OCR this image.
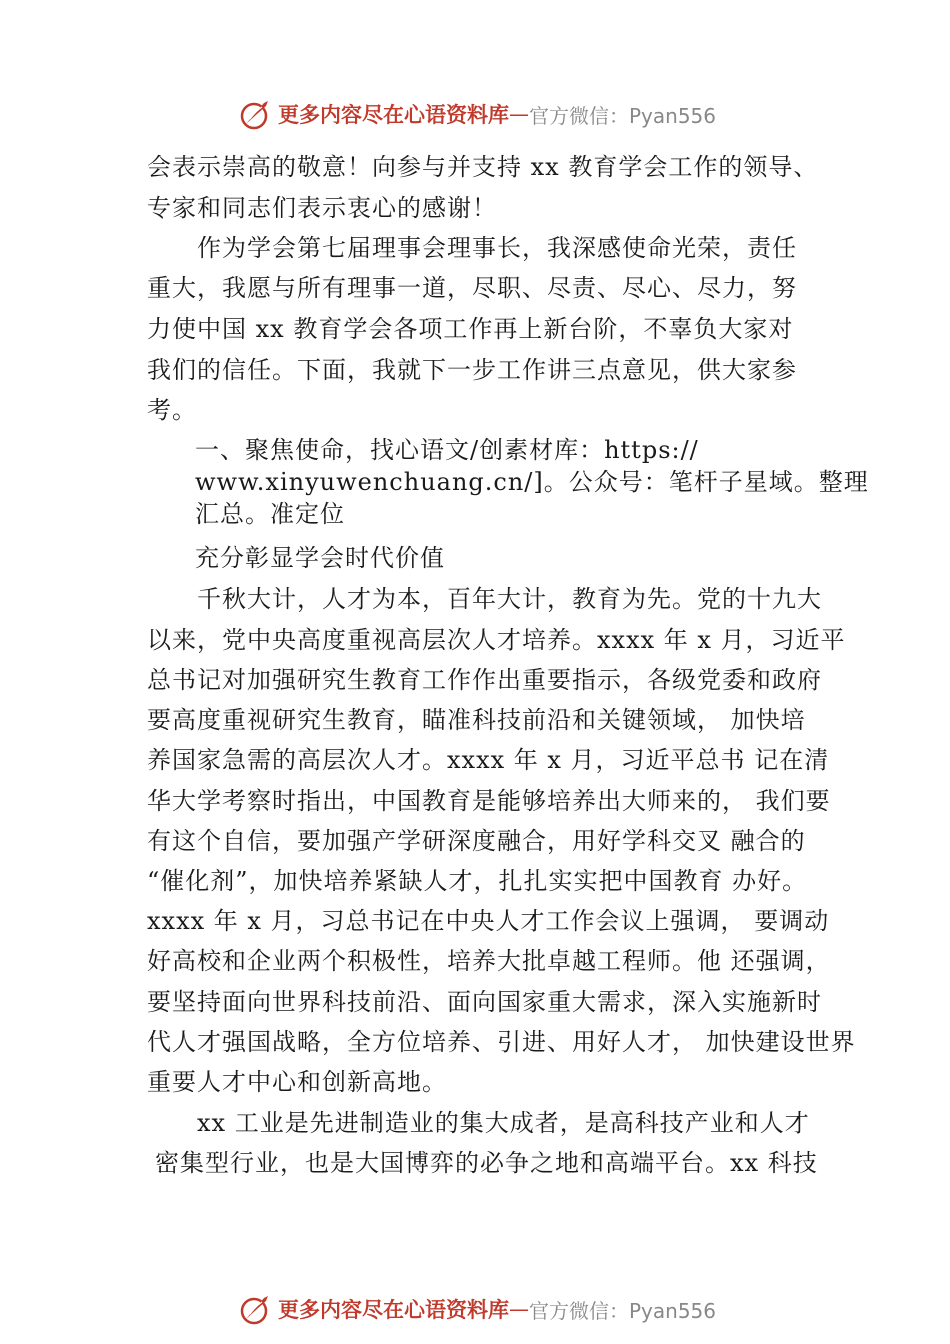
更多内容尽在心语资料库 — 官方微信：Pyan556
会表示崇高的敬意！向参与并支持 xx 教育学会工作的领导、
专家和同志们表示衷心的感谢！
　　作为学会第七届理事会理事长，我深感使命光荣，责任
重大，我愿与所有理事一道，尽职、尽责、尽心、尽力，努
力使中国 xx 教育学会各项工作再上新台阶，不辜负大家对
我们的信任。下面，我就下一步工作讲三点意见，供大家参
考。
一、聚焦使命，找心语文/创素材库：https://
www.xinyuwenchuang.cn/]。公众号：笔杆子星域。整理
汇总。准定位
充分彰显学会时代价值
　　千秋大计，人才为本，百年大计，教育为先。党的十九大
以来，党中央高度重视高层次人才培养。xxxx 年 x 月，习近平
总书记对加强研究生教育工作作出重要指示，各级党委和政府
要高度重视研究生教育，瞄准科技前沿和关键领域， 加快培
养国家急需的高层次人才。xxxx 年 x 月，习近平总书 记在清
华大学考察时指出，中国教育是能够培养出大师来的， 我们要
有这个自信，要加强产学研深度融合，用好学科交叉 融合的
“催化剂”，加快培养紧缺人才，扎扎实实把中国教育 办好。
xxxx 年 x 月，习总书记在中央人才工作会议上强调， 要调动
好高校和企业两个积极性，培养大批卓越工程师。他 还强调，
要坚持面向世界科技前沿、面向国家重大需求，深入实施新时
代人才强国战略，全方位培养、引进、用好人才， 加快建设世界
重要人才中心和创新高地。
　　xx 工业是先进制造业的集大成者，是高科技产业和人才
密集型行业，也是大国博弈的必争之地和高端平台。xx 科技
更多内容尽在心语资料库 — 官方微信：Pyan556
